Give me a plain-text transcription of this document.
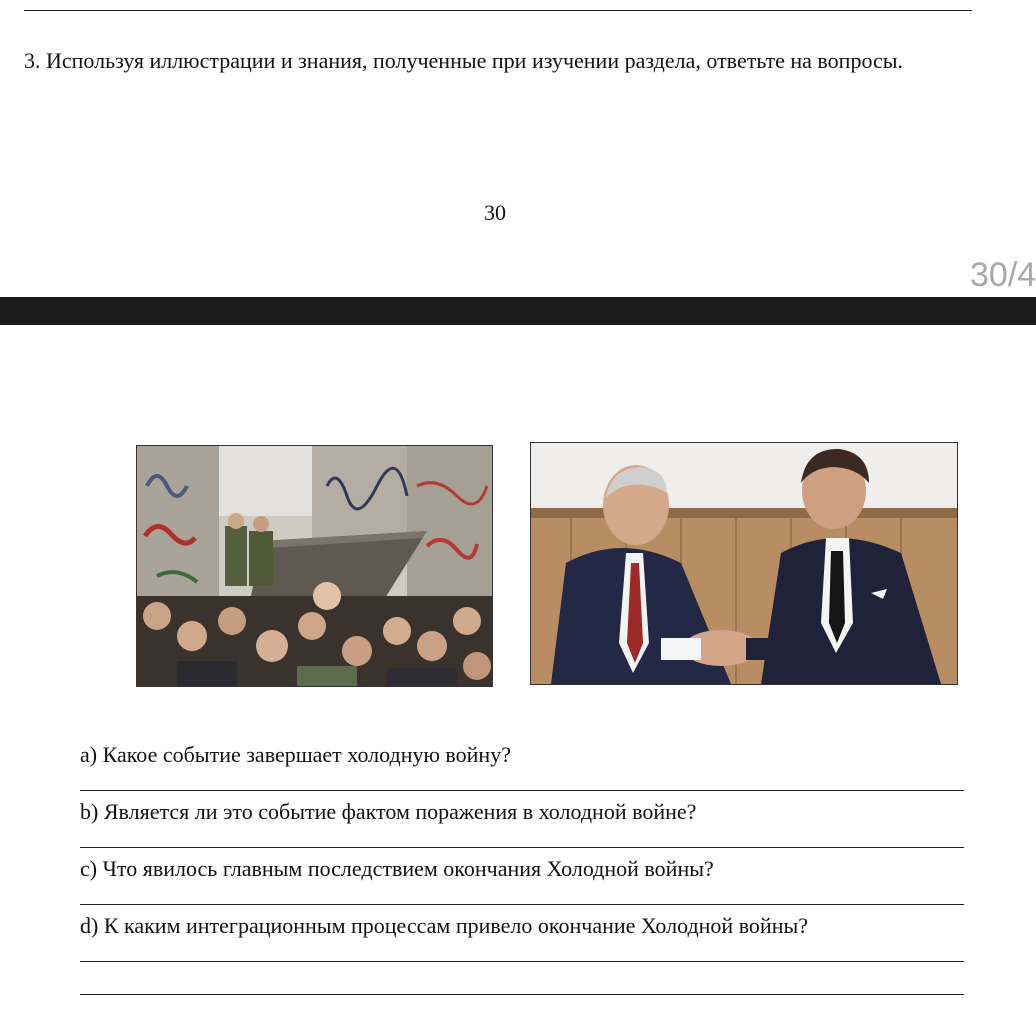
3. Используя иллюстрации и знания, полученные при изучении раздела, ответьте на вопросы.
30
30/4
a) Какое событие завершает холодную войну?
b) Является ли это событие фактом поражения в холодной войне?
c) Что явилось главным последствием окончания Холодной войны?
d) К каким интеграционным процессам привело окончание Холодной войны?
